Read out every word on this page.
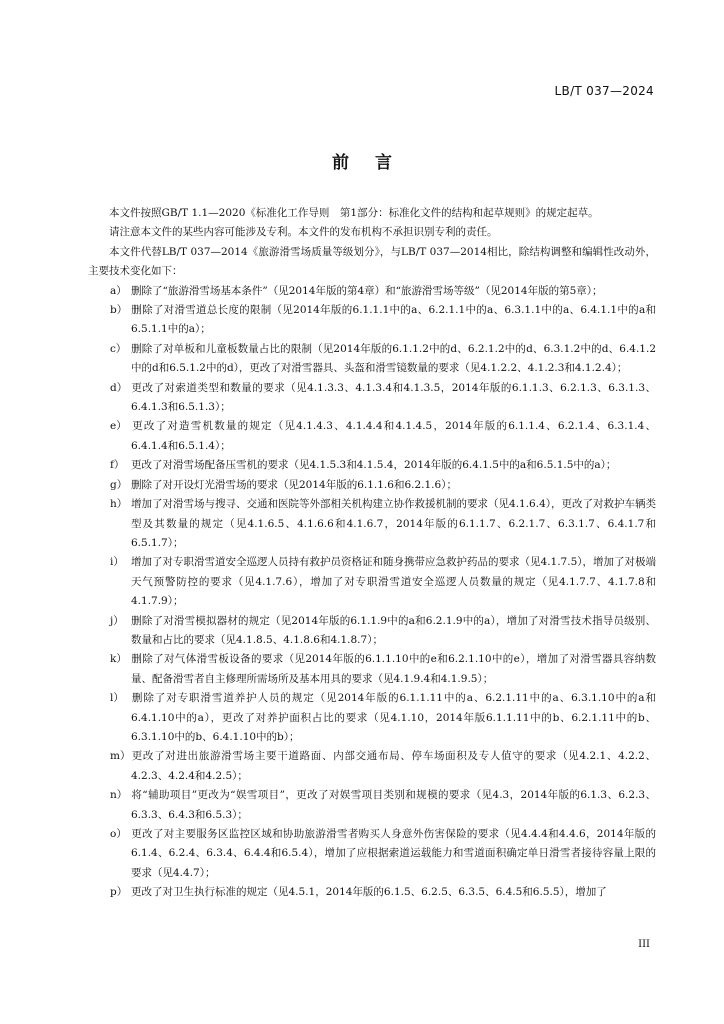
LB/T 037—2024
前言

本文件按照GB/T 1.1—2020《标准化工作导则　第1部分：标准化文件的结构和起草规则》的规定起草。

请注意本文件的某些内容可能涉及专利。本文件的发布机构不承担识别专利的责任。

本文件代替LB/T 037—2014《旅游滑雪场质量等级划分》，与LB/T 037—2014相比，除结构调整和编辑性改动外，主要技术变化如下：

a） 删除了“旅游滑雪场基本条件”（见2014年版的第4章）和“旅游滑雪场等级”（见2014年版的第5章）；

b） 删除了对滑雪道总长度的限制（见2014年版的6.1.1.1中的a、6.2.1.1中的a、6.3.1.1中的a、6.4.1.1中的a和6.5.1.1中的a）；

c） 删除了对单板和儿童板数量占比的限制（见2014年版的6.1.1.2中的d、6.2.1.2中的d、6.3.1.2中的d、6.4.1.2中的d和6.5.1.2中的d），更改了对滑雪器具、头盔和滑雪镜数量的要求（见4.1.2.2、4.1.2.3和4.1.2.4）；

d） 更改了对索道类型和数量的要求（见4.1.3.3、4.1.3.4和4.1.3.5，2014年版的6.1.1.3、6.2.1.3、6.3.1.3、6.4.1.3和6.5.1.3）；

e） 更改了对造雪机数量的规定（见4.1.4.3、4.1.4.4和4.1.4.5，2014年版的6.1.1.4、6.2.1.4、6.3.1.4、6.4.1.4和6.5.1.4）；

f） 更改了对滑雪场配备压雪机的要求（见4.1.5.3和4.1.5.4，2014年版的6.4.1.5中的a和6.5.1.5中的a）；

g） 删除了对开设灯光滑雪场的要求（见2014年版的6.1.1.6和6.2.1.6）；

h） 增加了对滑雪场与搜寻、交通和医院等外部相关机构建立协作救援机制的要求（见4.1.6.4），更改了对救护车辆类型及其数量的规定（见4.1.6.5、4.1.6.6和4.1.6.7，2014年版的6.1.1.7、6.2.1.7、6.3.1.7、6.4.1.7和6.5.1.7）；

i） 增加了对专职滑雪道安全巡逻人员持有救护员资格证和随身携带应急救护药品的要求（见4.1.7.5），增加了对极端天气预警防控的要求（见4.1.7.6），增加了对专职滑雪道安全巡逻人员数量的规定（见4.1.7.7、4.1.7.8和4.1.7.9）；

j） 删除了对滑雪模拟器材的规定（见2014年版的6.1.1.9中的a和6.2.1.9中的a），增加了对滑雪技术指导员级别、数量和占比的要求（见4.1.8.5、4.1.8.6和4.1.8.7）；

k） 删除了对气体滑雪板设备的要求（见2014年版的6.1.1.10中的e和6.2.1.10中的e），增加了对滑雪器具容纳数量、配备滑雪者自主修理所需场所及基本用具的要求（见4.1.9.4和4.1.9.5）；

l） 删除了对专职滑雪道养护人员的规定（见2014年版的6.1.1.11中的a、6.2.1.11中的a、6.3.1.10中的a和6.4.1.10中的a），更改了对养护面积占比的要求（见4.1.10，2014年版6.1.1.11中的b、6.2.1.11中的b、6.3.1.10中的b、6.4.1.10中的b）；

m）更改了对进出旅游滑雪场主要干道路面、内部交通布局、停车场面积及专人值守的要求（见4.2.1、4.2.2、4.2.3、4.2.4和4.2.5）；

n） 将“辅助项目”更改为“娱雪项目”，更改了对娱雪项目类别和规模的要求（见4.3，2014年版的6.1.3、6.2.3、6.3.3、6.4.3和6.5.3）；

o） 更改了对主要服务区监控区域和协助旅游滑雪者购买人身意外伤害保险的要求（见4.4.4和4.4.6，2014年版的6.1.4、6.2.4、6.3.4、6.4.4和6.5.4），增加了应根据索道运载能力和雪道面积确定单日滑雪者接待容量上限的要求（见4.4.7）；

p） 更改了对卫生执行标准的规定（见4.5.1，2014年版的6.1.5、6.2.5、6.3.5、6.4.5和6.5.5），增加了

III
